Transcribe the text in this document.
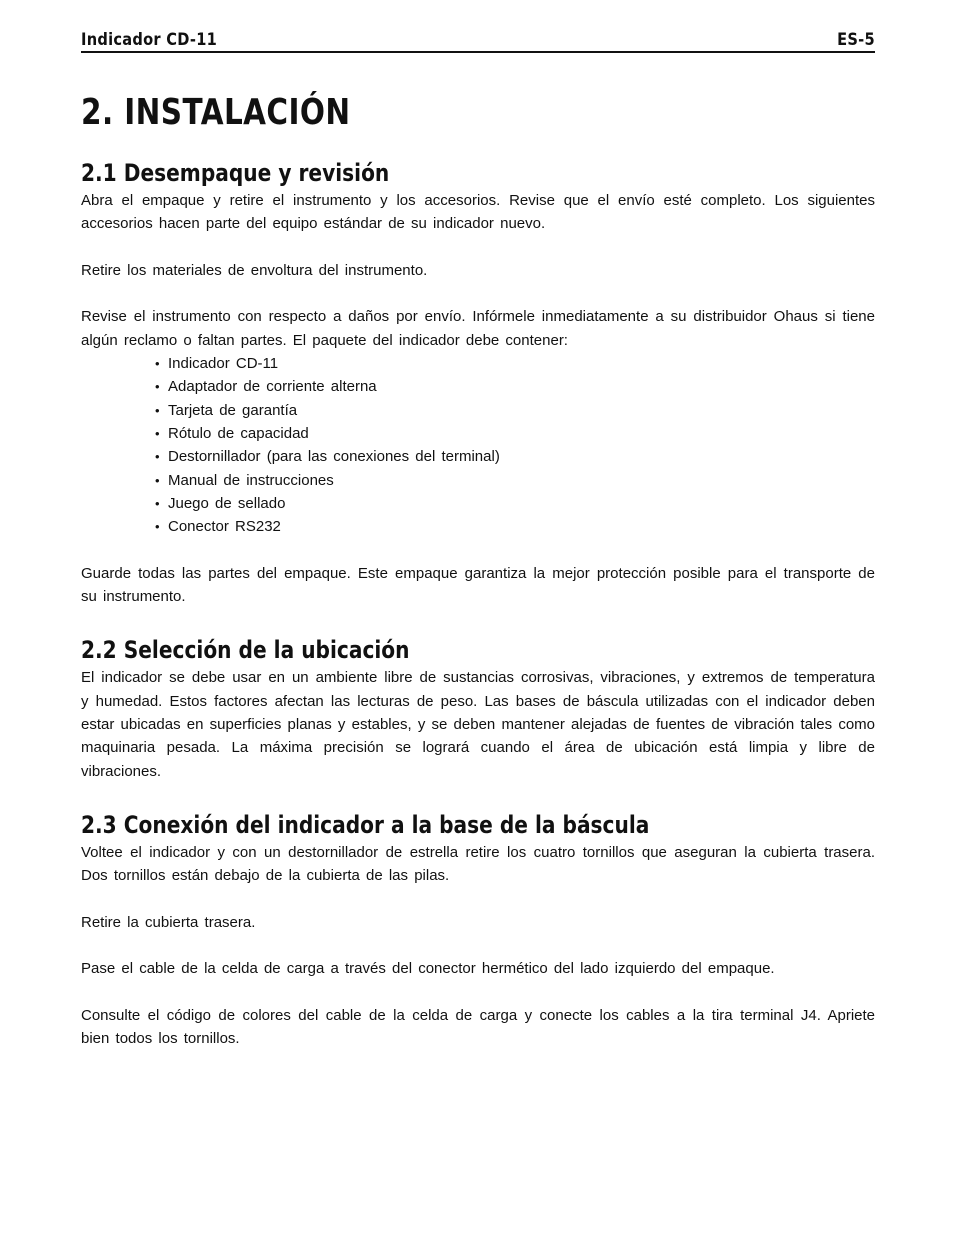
Indicador CD-11	ES-5
2. INSTALACIÓN
2.1 Desempaque y revisión

Abra el empaque y retire el instrumento y los accesorios. Revise que el envío esté completo. Los siguientes accesorios hacen parte del equipo estándar de su indicador nuevo.

Retire los materiales de envoltura del instrumento.

Revise el instrumento con respecto a daños por envío. Infórmele inmediatamente a su distribuidor Ohaus si tiene algún reclamo o faltan partes. El paquete del indicador debe contener:

• Indicador CD-11
• Adaptador de corriente alterna
• Tarjeta de garantía
• Rótulo de capacidad
• Destornillador (para las conexiones del terminal)
• Manual de instrucciones
• Juego de sellado
• Conector RS232

Guarde todas las partes del empaque. Este empaque garantiza la mejor protección posible para el transporte de su instrumento.

2.2 Selección de la ubicación

El indicador se debe usar en un ambiente libre de sustancias corrosivas, vibraciones, y extremos de temperatura y humedad. Estos factores afectan las lecturas de peso. Las bases de báscula utilizadas con el indicador deben estar ubicadas en superficies planas y estables, y se deben mantener alejadas de fuentes de vibración tales como maquinaria pesada. La máxima precisión se logrará cuando el área de ubicación está limpia y libre de vibraciones.

2.3 Conexión del indicador a la base de la báscula

Voltee el indicador y con un destornillador de estrella retire los cuatro tornillos que aseguran la cubierta trasera. Dos tornillos están debajo de la cubierta de las pilas.

Retire la cubierta trasera.

Pase el cable de la celda de carga a través del conector hermético del lado izquierdo del empaque.

Consulte el código de colores del cable de la celda de carga y conecte los cables a la tira terminal J4. Apriete bien todos los tornillos.
